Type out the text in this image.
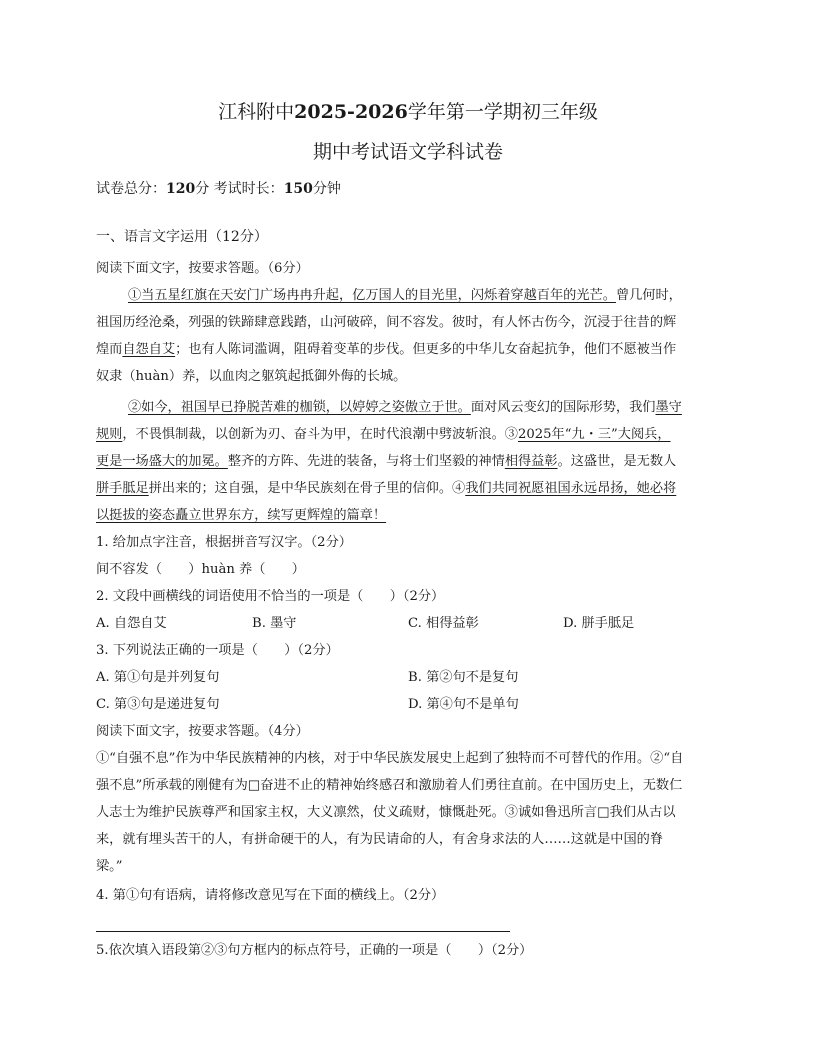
江科附中2025-2026学年第一学期初三年级
期中考试语文学科试卷
试卷总分：120分 考试时长：150分钟
一、语言文字运用（12分）
阅读下面文字，按要求答题。（6分）
①当五星红旗在天安门广场冉冉升起，亿万国人的目光里，闪烁着穿越百年的光芒。曾几何时，
祖国历经沧桑，列强的铁蹄肆意践踏，山河破碎，间不容发。彼时，有人怀古伤今，沉浸于往昔的辉
煌而自怨自艾；也有人陈词滥调，阻碍着变革的步伐。但更多的中华儿女奋起抗争，他们不愿被当作
奴隶（huàn）养，以血肉之躯筑起抵御外侮的长城。
②如今，祖国早已挣脱苦难的枷锁，以婷婷之姿傲立于世。面对风云变幻的国际形势，我们墨守
规则，不畏惧制裁，以创新为刃、奋斗为甲，在时代浪潮中劈波斩浪。③2025年“九・三”大阅兵，
更是一场盛大的加冕。整齐的方阵、先进的装备，与将士们坚毅的神情相得益彰。这盛世，是无数人
胼手胝足拼出来的；这自强，是中华民族刻在骨子里的信仰。④我们共同祝愿祖国永远昂扬，她必将
以挺拔的姿态矗立世界东方，续写更辉煌的篇章！
1. 给加点字注音，根据拼音写汉字。（2分）
间不容发（　　）huàn 养（　　）
2. 文段中画横线的词语使用不恰当的一项是（　　）（2分）
A. 自怨自艾	B. 墨守	C. 相得益彰	D. 胼手胝足
3. 下列说法正确的一项是（　　）（2分）
A. 第①句是并列复句	B. 第②句不是复句
C. 第③句是递进复句	D. 第④句不是单句
阅读下面文字，按要求答题。（4分）
①“自强不息”作为中华民族精神的内核，对于中华民族发展史上起到了独特而不可替代的作用。②“自
强不息”所承载的刚健有为□奋进不止的精神始终感召和激励着人们勇往直前。在中国历史上，无数仁
人志士为维护民族尊严和国家主权，大义凛然，仗义疏财，慷慨赴死。③诚如鲁迅所言□我们从古以
来，就有埋头苦干的人，有拼命硬干的人，有为民请命的人，有舍身求法的人……这就是中国的脊
梁。”
4. 第①句有语病，请将修改意见写在下面的横线上。（2分）
5.依次填入语段第②③句方框内的标点符号，正确的一项是（　　）（2分）
